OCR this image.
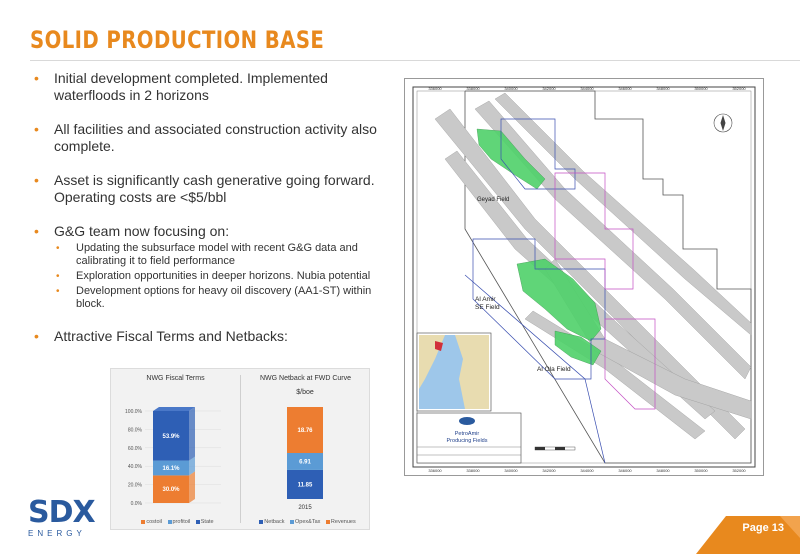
SOLID PRODUCTION BASE
• Initial development completed. Implemented waterfloods in 2 horizons
• All facilities and associated construction activity also complete.
• Asset is significantly cash generative going forward. Operating costs are <$5/bbl
• G&G team now focusing on:
• Updating the subsurface model with recent G&G data and calibrating it to field performance
• Exploration opportunities in deeper horizons. Nubia potential
• Development options for heavy oil discovery (AA1-ST) within block.
• Attractive Fiscal Terms and Netbacks:
NWG Fiscal Terms
0.0%
20.0%
40.0%
60.0%
80.0%
100.0%
30.0%
16.1%
53.9%
costoil profitoil State
NWG Netback at FWD Curve
$/boe
11.85
6.91
18.76
2015
Netback Opex&Tax Revenues
336000	338000	340000	342000	344000	346000	348000	350000	352000
336000	338000	340000	342000	344000	346000	348000	350000	352000
Geyad Field
Al Amir
SE Field
Al Ola Field
PetroAmir
Producing Fields
SDX
ENERGY	Page 13
